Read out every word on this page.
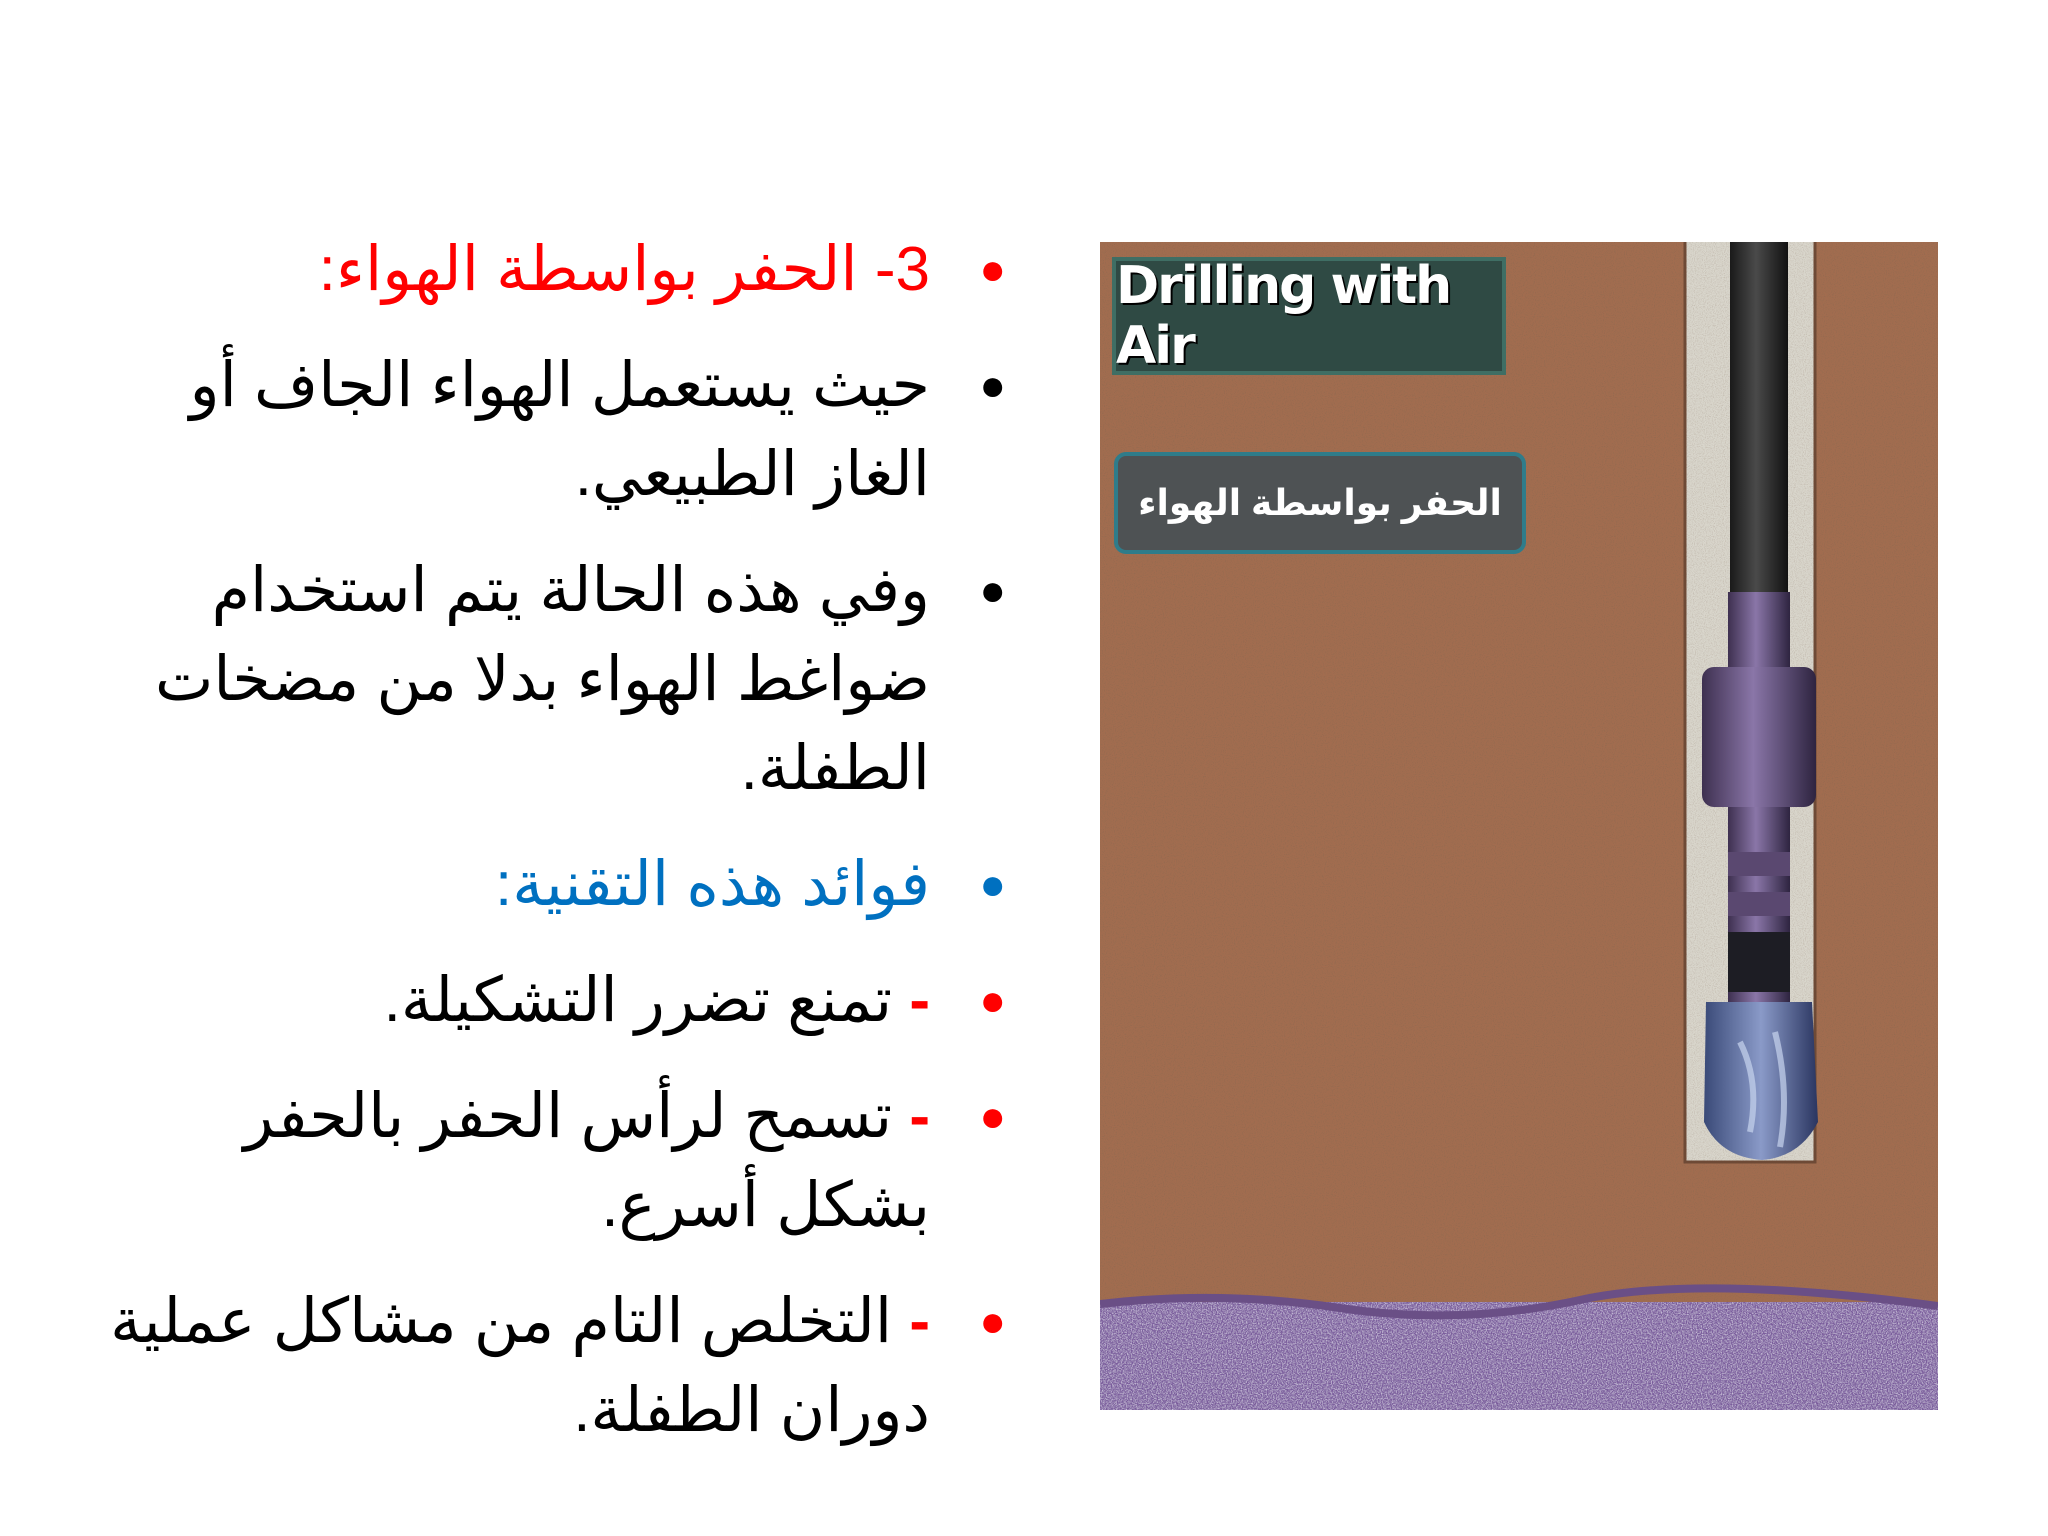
●
3- الحفر بواسطة الهواء:
●
حيث يستعمل الهواء الجاف أو الغاز الطبيعي.
●
وفي هذه الحالة يتم استخدام ضواغط الهواء بدلا من مضخات الطفلة.
●
فوائد هذه التقنية:
●
- تمنع تضرر التشكيلة.
●
- تسمح لرأس الحفر بالحفر بشكل أسرع.
●
- التخلص التام من مشاكل عملية دوران الطفلة.
Drilling with Air
الحفر بواسطة الهواء
